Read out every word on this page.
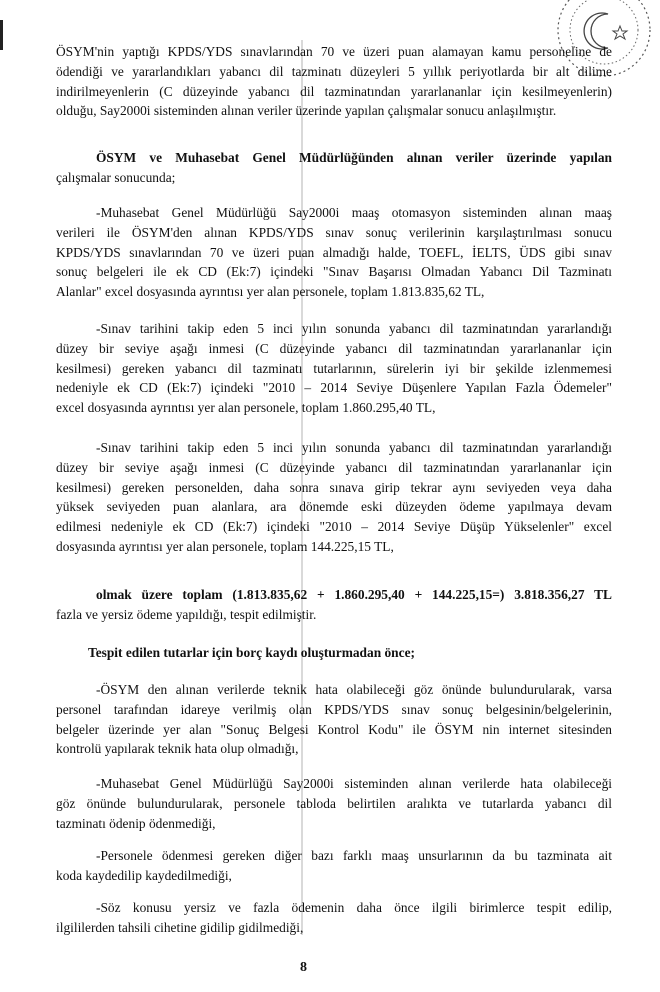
ÖSYM'nin yaptığı KPDS/YDS sınavlarından 70 ve üzeri puan alamayan kamu personeline de
ödendiği ve yararlandıkları yabancı dil tazminatı düzeyleri 5 yıllık periyotlarda bir alt dilime
indirilmeyenlerin (C düzeyinde yabancı dil tazminatından yararlananlar için kesilmeyenlerin)
olduğu, Say2000i sisteminden alınan veriler üzerinde yapılan çalışmalar sonucu anlaşılmıştır.
ÖSYM ve Muhasebat Genel Müdürlüğünden alınan veriler üzerinde yapılan
çalışmalar sonucunda;
-Muhasebat Genel Müdürlüğü Say2000i maaş otomasyon sisteminden alınan maaş
verileri ile ÖSYM'den alınan KPDS/YDS sınav sonuç verilerinin karşılaştırılması sonucu
KPDS/YDS sınavlarından 70 ve üzeri puan almadığı halde, TOEFL, İELTS, ÜDS gibi sınav
sonuç belgeleri ile ek CD (Ek:7) içindeki "Sınav Başarısı Olmadan Yabancı Dil Tazminatı
Alanlar" excel dosyasında ayrıntısı yer alan personele, toplam 1.813.835,62 TL,
-Sınav tarihini takip eden 5 inci yılın sonunda yabancı dil tazminatından yararlandığı
düzey bir seviye aşağı inmesi (C düzeyinde yabancı dil tazminatından yararlananlar için
kesilmesi) gereken yabancı dil tazminatı tutarlarının, sürelerin iyi bir şekilde izlenmemesi
nedeniyle ek CD (Ek:7) içindeki "2010 – 2014 Seviye Düşenlere Yapılan Fazla Ödemeler"
excel dosyasında ayrıntısı yer alan personele, toplam 1.860.295,40 TL,
-Sınav tarihini takip eden 5 inci yılın sonunda yabancı dil tazminatından yararlandığı
düzey bir seviye aşağı inmesi (C düzeyinde yabancı dil tazminatından yararlananlar için
kesilmesi) gereken personelden, daha sonra sınava girip tekrar aynı seviyeden veya daha
yüksek seviyeden puan alanlara, ara dönemde eski düzeyden ödeme yapılmaya devam
edilmesi nedeniyle ek CD (Ek:7) içindeki "2010 – 2014 Seviye Düşüp Yükselenler" excel
dosyasında ayrıntısı yer alan personele, toplam 144.225,15 TL,
olmak üzere toplam (1.813.835,62 + 1.860.295,40 + 144.225,15=) 3.818.356,27 TL
fazla ve yersiz ödeme yapıldığı, tespit edilmiştir.
Tespit edilen tutarlar için borç kaydı oluşturmadan önce;
-ÖSYM den alınan verilerde teknik hata olabileceği göz önünde bulundurularak, varsa
personel tarafından idareye verilmiş olan KPDS/YDS sınav sonuç belgesinin/belgelerinin,
belgeler üzerinde yer alan "Sonuç Belgesi Kontrol Kodu" ile ÖSYM nin internet sitesinden
kontrolü yapılarak teknik hata olup olmadığı,
-Muhasebat Genel Müdürlüğü Say2000i sisteminden alınan verilerde hata olabileceği
göz önünde bulundurularak, personele tabloda belirtilen aralıkta ve tutarlarda yabancı dil
tazminatı ödenip ödenmediği,
-Personele ödenmesi gereken diğer bazı farklı maaş unsurlarının da bu tazminata ait
koda kaydedilip kaydedilmediği,
-Söz konusu yersiz ve fazla ödemenin daha önce ilgili birimlerce tespit edilip,
ilgililerden tahsili cihetine gidilip gidilmediği,
8
